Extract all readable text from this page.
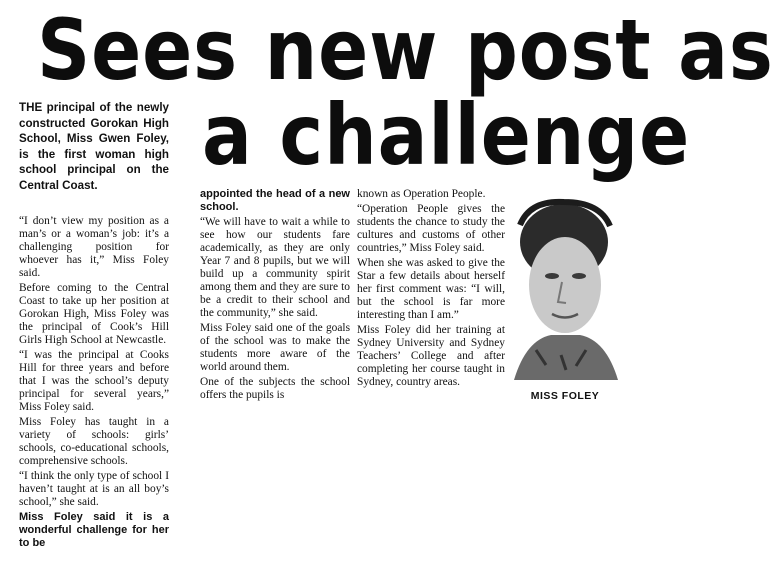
Sees new post as
a challenge
THE principal of the newly constructed Gorokan High School, Miss Gwen Foley, is the first woman high school principal on the Central Coast.

“I don’t view my position as a man’s or a woman’s job: it’s a challenging position for whoever has it,” Miss Foley said.

Before coming to the Central Coast to take up her position at Gorokan High, Miss Foley was the principal of Cook’s Hill Girls High School at Newcastle.

“I was the principal at Cooks Hill for three years and before that I was the school’s deputy principal for several years,” Miss Foley said.

Miss Foley has taught in a variety of schools: girls’ schools, co-educational schools, comprehensive schools.

“I think the only type of school I haven’t taught at is an all boy’s school,” she said.

Miss Foley said it is a wonderful challenge for her to be

appointed the head of a new school.

“We will have to wait a while to see how our students fare academically, as they are only Year 7 and 8 pupils, but we will build up a community spirit among them and they are sure to be a credit to their school and the community,” she said.

Miss Foley said one of the goals of the school was to make the students more aware of the world around them.

One of the subjects the school offers the pupils is

known as Operation People.

“Operation People gives the students the chance to study the cultures and customs of other countries,” Miss Foley said.

When she was asked to give the Star a few details about herself her first comment was: “I will, but the school is far more interesting than I am.”

Miss Foley did her training at Sydney University and Sydney Teachers’ College and after completing her course taught in Sydney, country areas.

MISS FOLEY
